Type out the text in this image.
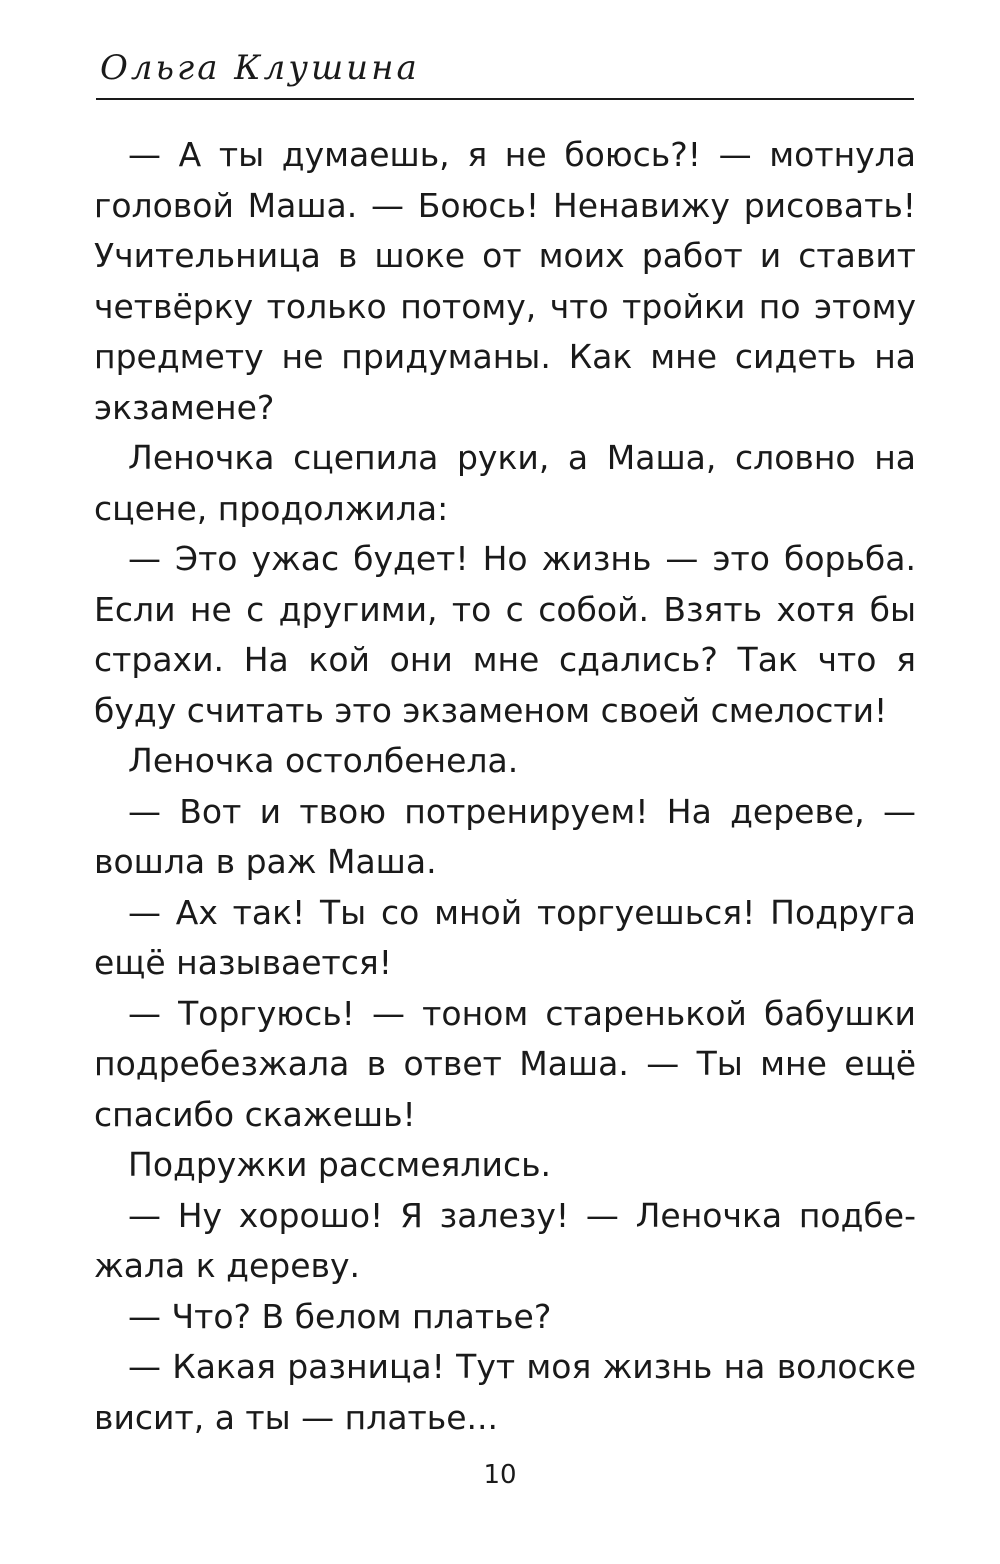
Ольга Клушина

— А ты думаешь, я не боюсь?! — мотнула головой Маша. — Боюсь! Ненавижу рисовать! Учительница в шоке от моих работ и ставит четвёрку только потому, что тройки по этому предмету не придуманы. Как мне сидеть на экзамене?

Леночка сцепила руки, а Маша, словно на сцене, продолжила:

— Это ужас будет! Но жизнь — это борьба. Если не с другими, то с собой. Взять хотя бы страхи. На кой они мне сдались? Так что я буду считать это экзаменом своей смелости!

Леночка остолбенела.

— Вот и твою потренируем! На дереве, — вошла в раж Маша.

— Ах так! Ты со мной торгуешься! Подруга ещё называется!

— Торгуюсь! — тоном старенькой бабушки подребезжала в ответ Маша. — Ты мне ещё спасибо скажешь!

Подружки рассмеялись.

— Ну хорошо! Я залезу! — Леночка подбежала к дереву.

— Что? В белом платье?

— Какая разница! Тут моя жизнь на волоске висит, а ты — платье...

10
